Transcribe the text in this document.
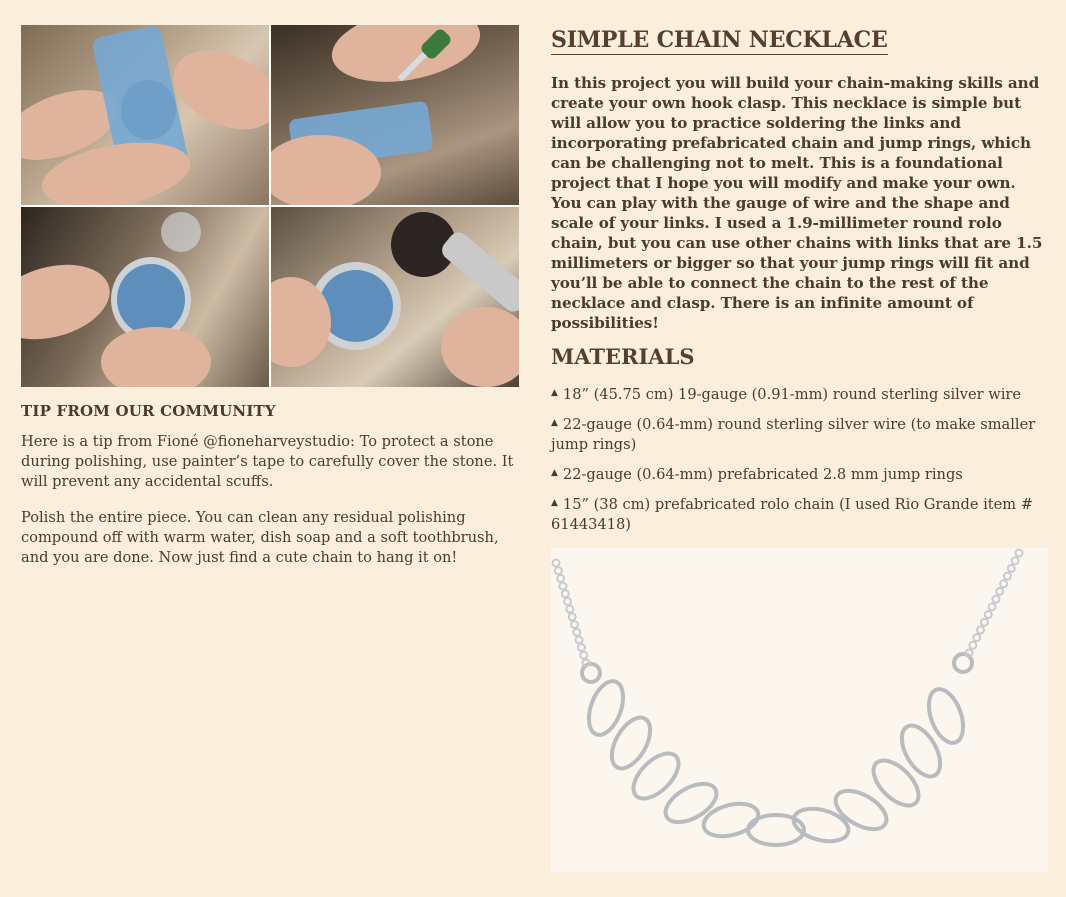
TIP FROM OUR COMMUNITY

Here is a tip from Fioné @fioneharveystudio: To protect a stone during polishing, use painter’s tape to carefully cover the stone. It will prevent any accidental scuffs.

Polish the entire piece. You can clean any residual polishing compound off with warm water, dish soap and a soft toothbrush, and you are done. Now just find a cute chain to hang it on!

SIMPLE CHAIN NECKLACE

In this project you will build your chain-making skills and create your own hook clasp. This necklace is simple but will allow you to practice soldering the links and incorporating prefabricated chain and jump rings, which can be challenging not to melt. This is a foundational project that I hope you will modify and make your own. You can play with the gauge of wire and the shape and scale of your links. I used a 1.9-millimeter round rolo chain, but you can use other chains with links that are 1.5 millimeters or bigger so that your jump rings will fit and you’ll be able to connect the chain to the rest of the necklace and clasp. There is an infinite amount of possibilities!

MATERIALS
▲ 18” (45.75 cm) 19-gauge (0.91-mm) round sterling silver wire
▲ 22-gauge (0.64-mm) round sterling silver wire (to make smaller jump rings)
▲ 22-gauge (0.64-mm) prefabricated 2.8 mm jump rings
▲ 15” (38 cm) prefabricated rolo chain (I used Rio Grande item # 61443418)
